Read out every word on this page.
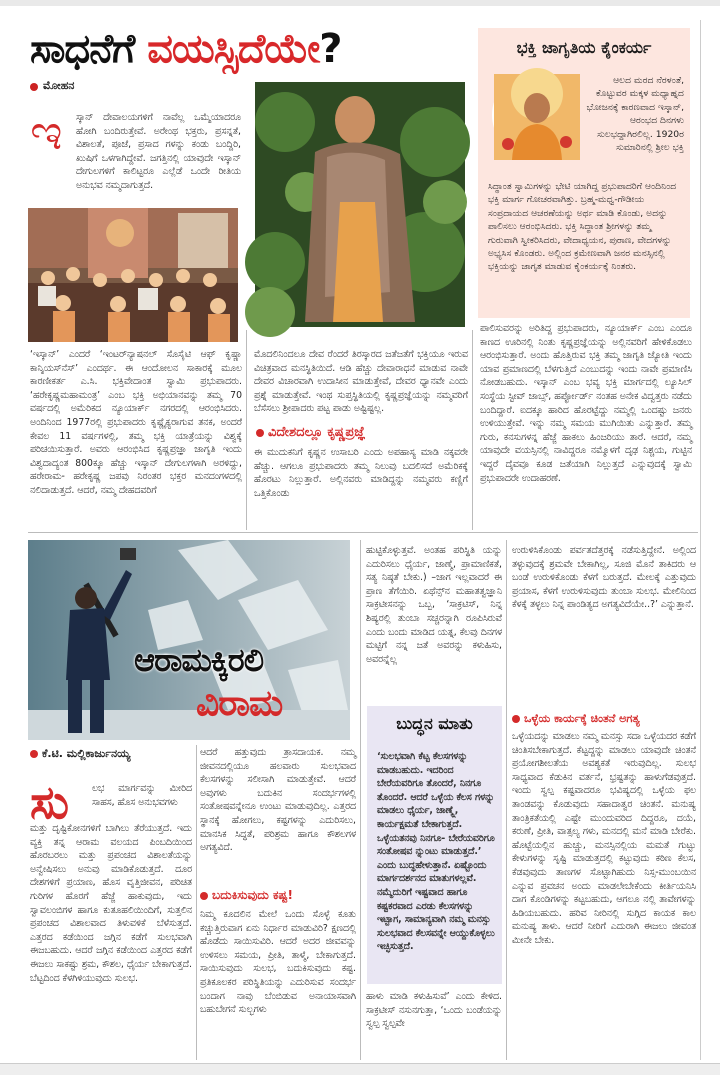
ಸಾಧನೆಗೆ ವಯಸ್ಸಿದೆಯೇ?
ಮೋಹನ
ಇ ಸ್ಕಾನ್ ದೇವಾಲಯಗಳಿಗೆ ನಾವೆಲ್ಲ ಒಮ್ಮೆಯಾದರೂ ಹೋಗಿ ಬಂದಿರುತ್ತೇವೆ. ಅರೇಂಥ ಭಕ್ತರು, ಪ್ರಸನ್ನತೆ, ವಿಶಾಲತೆ, ಪೂಜೆ, ಪ್ರಸಾದ ಗಳನ್ನು ಕಂಡು ಬಂದ್ದಿರಿ, ಖುಷಿಗೆ ಒಳಗಾಗಿದ್ದೇವೆ. ಜಗತ್ತಿನಲ್ಲಿ ಯಾವುದೇ ಇಸ್ಕಾನ್ ದೇಗುಲಗಳಿಗೆ ಕಾಲಿಟ್ಟರೂ ಎಲ್ಲೆಡೆ ಒಂದೇ ರೀತಿಯ ಅನುಭವ ನಮ್ಮದಾಗುತ್ತದೆ.
‘ಇಸ್ಕಾನ್’ ಎಂದರೆ ‘ಇಂಟರ್‌ನ್ಯಾಷನಲ್ ಸೊಸೈಟಿ ಆಫ್ ಕೃಷ್ಣಾ ಕಾನ್ಶಿಯಸ್‌ನೆಸ್’ ಎಂದರ್ಥ. ಈ ಆಂದೋಲನ ಸಾಕಾರಕ್ಕೆ ಮೂಲ ಕಾರಣೀಕರ್ತ ಎ.ಸಿ. ಭಕ್ತಿವೇದಾಂತ ಸ್ವಾಮಿ ಪ್ರಭುಪಾದರು. ‘ಹರೇಕೃಷ್ಣಮಹಾಮಂತ್ರ’ ಎಂಬ ಭಕ್ತಿ ಅಭಿಯಾನವನ್ನು ತಮ್ಮ 70 ವರ್ಷದಲ್ಲಿ ಅಮೆರಿಕದ ನ್ಯೂಯಾರ್ಕ್ ನಗರದಲ್ಲಿ ಆರಂಭಿಸಿದರು. ಅಂದಿನಿಂದ 1977ರಲ್ಲಿ ಪ್ರಭುಪಾದರು ಕೃಷ್ಣೈಕ್ಯರಾಗುವ ತನಕ, ಅಂದರೆ ಕೇವಲ 11 ವರ್ಷಗಳಲ್ಲಿ, ತಮ್ಮ ಭಕ್ತಿ ಯಾತ್ರೆಯನ್ನು ವಿಶ್ವಕ್ಕೆ ಪರಿಚಯಿಸುತ್ತಾರೆ. ಅವರು ಆರಂಭಿಸಿದ ಕೃಷ್ಣಪ್ರಜ್ಞಾ ಜಾಗೃತಿ ಇಂದು ವಿಶ್ವದಾದ್ಯಂತ 800ಕ್ಕೂ ಹೆಚ್ಚು ಇಸ್ಕಾನ್ ದೇಗುಲಗಳಾಗಿ ಅರಳಿದ್ದು, ಹರೇರಾಮ- ಹರೇಕೃಷ್ಣ ಜಪವು ನಿರಂತರ ಭಕ್ತರ ಮನದಂಗಳದಲ್ಲಿ ನಲಿದಾಡುತ್ತದೆ. ಆದರೆ, ನಮ್ಮ ದೇಹದವರಿಗೆ
ಮೊದಲಿನಿಂದಲೂ ದೇವ ರೆಂದರೆ ತಿರಸ್ಕಾರದ ಜತೆಜತೆಗೆ ಭಕ್ತಿಯೂ ಇರುವ ವಿಚಿತ್ರವಾದ ಮನಸ್ಥಿತಿಯಿದೆ. ಆಡಿ ಹೆಚ್ಚು ದೇವಾರಾಧನೆ ಮಾಡುವ ನಾವೇ ದೇವರ ವಿಚಾರವಾಗಿ ಉದಾಸೀನ ಮಾಡುತ್ತೇವೆ, ದೇವರ ಧ್ಯಾನವೇ ಎಂದು ಪ್ರಶ್ನೆ ಮಾಡುತ್ತೇವೆ. ಇಂಥ ಸುಪ್ತಸ್ಥಿತಿಯಲ್ಲಿ ಕೃಷ್ಣಪ್ರಜ್ಞೆಯನ್ನು ನಮ್ಮವರಿಗೆ ಬೆಸೆಸಲು ಶ್ರೀಪಾದರು ಪಟ್ಟ ಪಾಡು ಅಷ್ಟಿಷ್ಟಲ್ಲ.
ವಿದೇಶದಲ್ಲೂ ಕೃಷ್ಣಪ್ರಜ್ಞೆ
ಈ ಮುದುಕನಿಗೆ ಕೃಷ್ಣನ ಉಸಾಬರಿ ಎಂದು ಅಪಹಾಸ್ಯ ಮಾಡಿ ನಕ್ಕವರೇ ಹೆಚ್ಚು. ಆಗಲೂ ಪ್ರಭುಪಾದರು ತಮ್ಮ ನಿಲುವು ಬದಲಿಸದೆ ಅಮೆರಿಕಕ್ಕೆ ಹೊರಟು ನಿಲ್ಲುತ್ತಾರೆ. ಅಲ್ಲಿನವರು ಮಾಡಿದ್ದನ್ನು ನಮ್ಮವರು ಕಣ್ಣಿಗೆ ಒತ್ತಿಕೊಂಡು
ಭಕ್ತಿ ಜಾಗೃತಿಯ ಕೈಂಕರ್ಯ
ಆಲದ ಮರದ ನೆರಳಂತೆ, ಕೊಟ್ಟುವರ ಮಕ್ಕಳ ಮಧ್ಯಾಹ್ನದ ಭೋಜನಕ್ಕೆ ಕಾರಣವಾದ ಇಸ್ಕಾನ್, ಆರಂಭದ ದಿನಗಳು ಸುಲಭದ್ದಾಗಿರಲಿಲ್ಲ. 1920ರ ಸುಮಾರಿನಲ್ಲಿ ಶ್ರೀಲ ಭಕ್ತಿ
ಸಿದ್ಧಾಂತ ಸ್ವಾಮಿಗಳನ್ನು ಭೇಟಿ ಯಾಗಿದ್ದ ಪ್ರಭುಪಾದರಿಗೆ ಆಂದಿನಿಂದ ಭಕ್ತಿ ಮಾರ್ಗ ಗೋಚರವಾಗಿತ್ತು. ಬ್ರಹ್ಮ-ಮಧ್ವ-ಗೌಡೀಯ ಸಂಪ್ರದಾಯದ ಆಚರಣೆಯನ್ನು ಅರ್ಥ ಮಾಡಿ ಕೊಂಡು, ಅದನ್ನು ಪಾಲಿಸಲು ಆರಂಭಿಸಿದರು. ಭಕ್ತಿ ಸಿದ್ಧಾಂತ ಶ್ರೀಗಳನ್ನು ತಮ್ಮ ಗುರುವಾಗಿ ಸ್ವೀಕರಿಸಿದರು, ವೇದಾಧ್ಯಯನ, ಪುರಾಣ, ವೇದಗಳನ್ನು ಅಭ್ಯಸಿಸ ಕೊಂಡರು. ಅಲ್ಲಿಂದ ಕ್ರಮೇಣವಾಗಿ ಜನರ ಮನಸ್ಸಿನಲ್ಲಿ ಭಕ್ತಿಯನ್ನು ಜಾಗೃತ ಮಾಡುವ ಕೈಂಕರ್ಯಕ್ಕೆ ನಿಂತರು.
ಪಾಲಿಸುವರನ್ನು ಅರಿತಿದ್ದ ಪ್ರಭುಪಾದರು, ನ್ಯೂಯಾರ್ಕ್ ಎಂಬ ಎಂದೂ ಕಾಣದ ಊರಿನಲ್ಲಿ ನಿಂತು ಕೃಷ್ಣಪ್ರಜ್ಞೆಯನ್ನು ಅಲ್ಲಿನವರಿಗೆ ಹೇಳಿಕೊಡಲು ಆರಂಭಿಸುತ್ತಾರೆ. ಅಂದು ಹೊತ್ತಿರುವ ಭಕ್ತಿ ತಮ್ಮ ಜಾಗೃತಿ ಜ್ಯೋತಿ ಇಂದು ಯಾವ ಪ್ರಮಾಣದಲ್ಲಿ ಬೆಳಗುತ್ತಿದೆ ಎಂಬುದನ್ನು ಇಂದು ನಾವೇ ಪ್ರಮಾಣಿಸಿ ನೋಡಬಹುದು. ಇಸ್ಕಾನ್ ಎಂಬ ಭವ್ಯ ಭಕ್ತಿ ಮಾರ್ಗದಲ್ಲಿ ಲ್ಯೂಸಿಲ್ ಸಂಸ್ಥೆಯ ಸ್ಟೀವ್ ಜಾಬ್ಸ್, ಹರ್ಪ್ಫೋರ್ಡ್ ನಂತಹ ಅನೇಕ ವಿದ್ವತ್ತರು ನಡೆದು ಬಂದಿದ್ದಾರೆ. ಐದಕ್ಕೂ ಹಾರಿದ ಹೊರಟ್ಟೆದ್ದು ನಮ್ಮಲ್ಲಿ ಒಂದಷ್ಟು ಜನರು ಉಳಿಯುತ್ತೇವೆ. ಇನ್ನು ನಮ್ಮ ಸಮಯ ಮುಗಿಯಿತು ಎನ್ನುತ್ತಾರೆ. ತಮ್ಮ ಗುರು, ಕನಸುಗಳನ್ನ ಹೆಜ್ಜೆ ಹಾಕಲು ಹಿಂಜರಿಯು ತಾರೆ. ಆದರೆ, ನಮ್ಮ ಯಾವುದೇ ವಯಸ್ಸಿನಲ್ಲಿ ನಾವಿದ್ದರೂ ನಮ್ಮೊಳಗೆ ದೃಢ ನಿಶ್ಚಯ, ಗುಟ್ಟಿನ ಇದ್ದರೆ ದೈವವೂ ಕೂಡ ಜತೆಯಾಗಿ ನಿಲ್ಲುತ್ತದೆ ಎನ್ನುವುದಕ್ಕೆ ಸ್ವಾಮಿ ಪ್ರಭುಪಾದರೇ ಉದಾಹರಣೆ.
ಆರಾಮಕ್ಕಿರಲಿ
ವಿರಾಮ
ಕೆ.ಟಿ. ಮಲ್ಲಿಕಾರ್ಜುನಯ್ಯ
ಸು ಲಭ ಮಾರ್ಗವನ್ನು ಮೀರಿದ ಸಾಹಸ, ಹೊಸ ಅನುಭವಗಳು
ಮತ್ತು ದೃಷ್ಟಿಕೋನಗಳಿಗೆ ಬಾಗಿಲು ತೆರೆಯುತ್ತದೆ. ಇದು ವ್ಯಕ್ತಿ ತನ್ನ ಆರಾಮ ವಲಯದ ಪಿಂಬದಿಯಿಂದ ಹೊರಬರಲು ಮತ್ತು ಪ್ರಪಂಚದ ವಿಶಾಲತೆಯನ್ನು ಅನ್ವೇಷಿಸಲು ಅನುವು ಮಾಡಿಕೊಡುತ್ತದೆ. ದೂರ ದೇಶಗಳಿಗೆ ಪ್ರಯಾಣ, ಹೊಸ ವೃತ್ತಿಜೀವನ, ಪರಿಚಿತ ಗುರಿಗಳ ಹೊರಗೆ ಹೆಜ್ಜೆ ಹಾಕುವುದು, ಇದು ಸ್ವಾವಲಂಬಿಗಳ ಹಾಗೂ ಕುತೂಹಲಿಯಿಂದಿಗೆ, ಸುತ್ತಲಿನ ಪ್ರಪಂಚದ ವಿಶಾಲವಾದ ತಿಳುವಳಿಕೆ ಬೆಳೆಸುತ್ತದೆ. ಎತ್ತರದ ಕಡೆಯಿಂದ ಜಗ್ಗಿನ ಕಡೆಗೆ ಸುಲಭವಾಗಿ ಈಜಬಹುದು. ಆದರೆ ಜಗ್ಗಿನ ಕಡೆಯಿಂದ ಎತ್ತರದ ಕಡೆಗೆ ಈಜಲು ಸಾಕಷ್ಟು ಶ್ರಮ, ಕೌಶಲ, ಧೈರ್ಯ ಬೇಕಾಗುತ್ತದೆ. ಬೆಟ್ಟದಿಂದ ಕೆಳಗಿಳಿಯುವುದು ಸುಲಭ.
ಆದರೆ ಹತ್ತುವುದು ತ್ರಾಸದಾಯಕ. ನಮ್ಮ ಜೀವನದಲ್ಲಿಯೂ ಹಲವಾರು ಸುಲಭವಾದ ಕೆಲಸಗಳನ್ನು ಸಲೀಸಾಗಿ ಮಾಡುತ್ತೇವೆ. ಆದರೆ ಅವುಗಳು ಬದುಕಿನ ಸಂದರ್ಭಗಳಲ್ಲಿ ಸಂತೋಷವನ್ನೇನೂ ಉಂಟು ಮಾಡುವುದಿಲ್ಲ. ಎತ್ತರದ ಸ್ಥಾನಕ್ಕೆ ಹೋಗಲು, ಕಷ್ಟಗಳನ್ನು ಎದುರಿಸಲು, ಮಾನಸಿಕ ಸಿದ್ಧತೆ, ಪರಿಶ್ರಮ ಹಾಗೂ ಕೌಶಲಗಳ ಅಗತ್ಯವಿದೆ.
ಬದುಕಿಸುವುದು ಕಷ್ಟ!
ನಿಮ್ಮ ಕೂದಲಿನ ಮೇಲೆ ಒಂದು ಸೊಳ್ಳೆ ಕೂತು ಕಚ್ಚುತ್ತಿರುವಾಗ ಏನು ನಿರ್ಧಾರ ಮಾಡುವಿರಿ? ಕ್ಷಣದಲ್ಲಿ ಹೊಡೆದು ಸಾಯಿಸುವಿರಿ. ಆದರೆ ಅದರ ಜೀವವನ್ನು ಉಳಿಸಲು ಸಮಯ, ಪ್ರೀತಿ, ತಾಳ್ಮೆ, ಬೇಕಾಗುತ್ತದೆ. ಸಾಯಿಸುವುದು ಸುಲಭ, ಬದುಕಿಸುವುದು ಕಷ್ಟ. ಪ್ರತಿಕೂಲಕರ ಪರಿಸ್ಥಿತಿಯನ್ನು ಎದುರಿಸುವ ಸಂದರ್ಭ ಬಂದಾಗ ನಾವು ಬೆಂಬಿಡುವ ಅನಾಯಾಸವಾಗಿ ಬಹುಬೇಗನೆ ಸುಲ್ಭಗಳು
ಹುಟ್ಟಿಕೊಳ್ಳುತ್ತವೆ. ಅಂತಹ ಪರಿಸ್ಥಿತಿ ಯನ್ನು ಎದುರಿಸಲು ಧೈರ್ಯ, ಜಾಣ್ಮೆ, ಪ್ರಾಮಾಣಿಕತೆ, ಸತ್ಯ ನಿಷ್ಠತೆ ಬೇಕು.) –ಜಾಗ ಇಲ್ಲವಾದರೆ ಈ ಪ್ರಾಣ ತೆಗೆಯಿರಿ. ಏಥೆನ್ಸ್‌ನ ಮಹಾತತ್ವಜ್ಞಾನಿ ಸಾಕ್ರಟೀಸನನ್ನು ಒಬ್ಬ, ‘ಸಾಕ್ರಟಿಸ್, ನಿನ್ನ ಶಿಷ್ಯರಲ್ಲಿ ತುಂಬಾ ಸಚ್ಚರನ್ನಾಗಿ ರೂಪಿಸಿರುವೆ ಎಂದು ಬಂದು ಮಾಡಿದ ಯತ್ನ, ಕೆಲವು ದಿನಗಳ ಮಟ್ಟಿಗೆ ನನ್ನ ಜತೆ ಅವರನ್ನು ಕಳುಹಿಸು, ಅವರನ್ನೆಲ್ಲ
ಬುದ್ಧನ ಮಾತು
‘ಸುಲಭವಾಗಿ ಕೆಟ್ಟ ಕೆಲಸಗಳನ್ನು ಮಾಡಬಹುದು. ಇದರಿಂದ ಬೇರೆಯವರಿಗೂ ತೊಂದರೆ, ನಿನಗೂ ತೊಂದರೆ. ಆದರೆ ಒಳ್ಳೆಯ ಕೆಲಸ ಗಳನ್ನು ಮಾಡಲು ಧೈರ್ಯ, ಜಾಣ್ಮ್ಗೆ, ಕಾರ್ಯಕ್ಷಮತೆ ಬೇಕಾಗುತ್ತದೆ. ಒಳ್ಳೆಯತನವು ನಿನಗೂ- ಬೇರೆಯವರಿಗೂ ಸಂತೋಷವ ನ್ನುಂಟು ಮಾಡುತ್ತದೆ.’ ಎಂದು ಬುದ್ಧಹೇಳುತ್ತಾನೆ. ಏಷ್ಟೊಂದು ಮಾರ್ಗದರ್ಶನದ ಮಾತುಗಳಲ್ಲವೆ. ನಮ್ಮೆದುರಿಗೆ ಇಷ್ಟವಾದ ಹಾಗೂ ಕಷ್ಟಕರವಾದ ಎರಡು ಕೆಲಸಗಳನ್ನು ಇಟ್ಟಾಗ, ಸಾಮಾನ್ಯವಾಗಿ ನಮ್ಮ ಮನಸ್ಸು ಸುಲಭವಾದ ಕೆಲಸವನ್ನೇ ಆಯ್ದುಕೊಳ್ಳಲು ಇಚ್ಛಿಸುತ್ತದೆ.
ಹಾಳು ಮಾಡಿ ಕಳುಹಿಸುವೆ’ ಎಂದು ಕೇಳಿದ. ಸಾಕ್ರಟೀಸ್ ನಸುನಗುತ್ತಾ, ‘ಒಂದು ಬಂಡೆಯನ್ನು ಸ್ವಲ್ಪ ಸ್ವಲ್ಪವೇ
ಉರುಳಿಸಿಕೊಂಡು ಪರ್ವತದೆತ್ತರಕ್ಕೆ ನಡೆಸುತ್ತಿದ್ದೇನೆ. ಅಲ್ಲಿಂದ ತಳ್ಳುವುದಕ್ಕೆ ಶ್ರಮವೇ ಬೇಕಾಗಿಲ್ಲ, ಸೂಜಿ ಮೊನೆ ತಾಕಿದರು ಆ ಬಂಡೆ ಉರುಳಿಕೊಂಡು ಕೆಳಗೆ ಬರುತ್ತದೆ. ಮೇಲಕ್ಕೆ ಎತ್ತುವುದು ಪ್ರಯಾಸ, ಕೆಳಗೆ ಉರುಳಿಸುವುದು ತುಂಬಾ ಸುಲಭ. ಮೇಲಿನಿಂದ ಕೆಳಕ್ಕೆ ತಳ್ಳಲು ನಿನ್ನ ಪಾಂಡಿತ್ಯದ ಅಗತ್ಯವಿದೆಯೇ..?’ ಎನ್ನುತ್ತಾನೆ.
ಒಳ್ಳೆಯ ಕಾರ್ಯಕ್ಕೆ ಚಿಂತನೆ ಅಗತ್ಯ
ಒಳ್ಳೆಯದನ್ನು ಮಾಡಲು ನಮ್ಮ ಮನಸ್ಸು ಸದಾ ಒಳ್ಳೆಯದರ ಕಡೆಗೆ ಚಿಂತಿಸಬೇಕಾಗುತ್ತದೆ. ಕೆಟ್ಟದ್ದನ್ನು ಮಾಡಲು ಯಾವುದೇ ಚಿಂತನೆ ಪ್ರಯೋಗಶೀಲತೆಯ ಅವಶ್ಯಕತೆ ಇರುವುದಿಲ್ಲ. ಸುಲಭ ಸಾಧ್ಯವಾದ ಕೆಡುಕಿನ ವರ್ತನೆ, ಭ್ರಷ್ಟತನ್ನು ಹಾಳುಗೆಡವುತ್ತದೆ. ಇಂದು ಸ್ವಲ್ಪ ಕಷ್ಟವಾದರೂ ಭವಿಷ್ಯದಲ್ಲಿ ಒಳ್ಳೆಯ ಫಲ ತಾಂಡವನ್ನು ಕೊಡುವುದು ಸಹಾದಾತ್ವರ ಚಿಂತನೆ. ಮನುಷ್ಯ ತಾಂತ್ರಿಕತೆಯಲ್ಲಿ ಎಷ್ಟೇ ಮುಂದುವರಿದ ದಿದ್ದರೂ, ದಯೆ, ಕರುಣೆ, ಪ್ರೀತಿ, ವಾತ್ಸಲ್ಯ ಗಳು, ಮನದಲ್ಲಿ ಮನೆ ಮಾಡಿ ಬೇರೆಕು. ಹೊಟ್ಟೆಯಲ್ಲಿನ ಹುಚ್ಚು, ಮನಸ್ಸಿನಲ್ಲಿಯ ಮಮತೆ ಗುಟ್ಟು ಕೇಳುಗಳನ್ನು ಸೃಷ್ಟಿ ಮಾಡುತ್ತದಲ್ಲಿ ಕಟ್ಟುವುದು ಕಠಿಣ ಕೆಲಸ, ಕೆಡವುವುದು ತಾಣಗಳ ಸೊಟ್ಟಾಗಿಹುದು ನಿಸ್ಸ-ಮುಂಬಯಿನ ಎನ್ನುವ ಪ್ರವಚನ ಅಂದು ಮಾಡಲೇಬೇಕೆಂದು ಕೀರ್ತಿಯನಿಸಿ ದಾಗ ಕೊಂಡಿಗಳನ್ನು ಕಟ್ಟಬಹುದು, ಆಗಲೂ ನಲ್ಲಿ ತಾವೇಗಳನ್ನು ಹಿಡಿಯಬಹುದು. ಹರಿವ ನೀರಿನಲ್ಲಿ ಸುಗ್ಗಿದ ಕಾಯಕ ಕಾಲ ಮನುಷ್ಯ ತಾಳು. ಆದರೆ ನೀರಿಗೆ ಎದುರಾಗಿ ಈಜಲು ಜೀವಂತ ಮೀನೇ ಬೇಕು.
